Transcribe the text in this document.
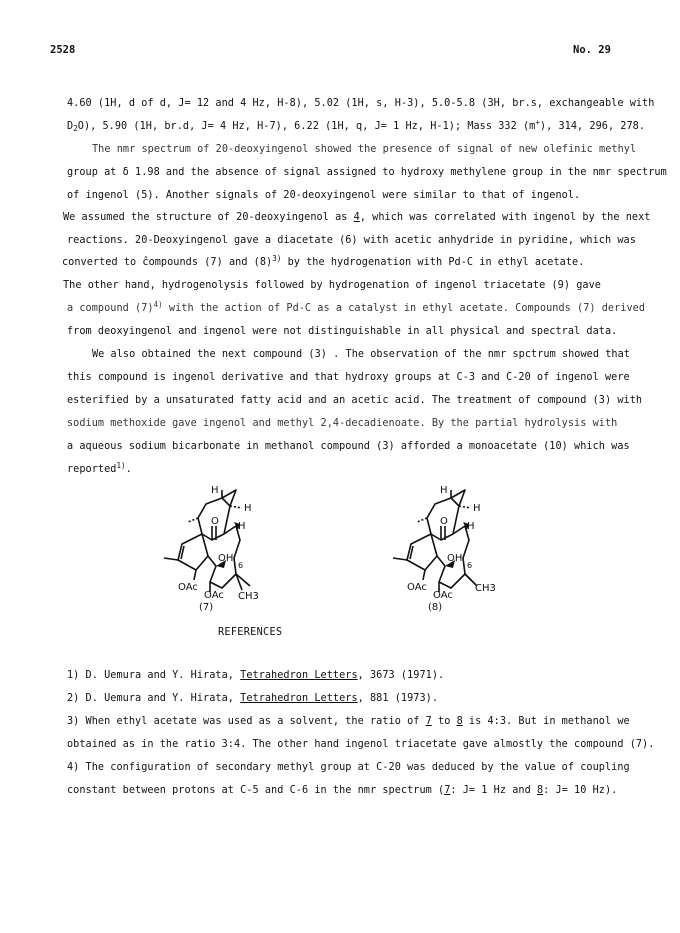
2528	No. 29
4.60 (1H, d of d, J= 12 and 4 Hz, H-8), 5.02 (1H, s, H-3), 5.0-5.8 (3H, br.s, exchangeable with
$D_2O$), 5.90 (1H, br.d, J= 4 Hz, H-7), 6.22 (1H, q, J= 1 Hz, H-1); Mass 332 (m+), 314, 296, 278.
The nmr spectrum of 20-deoxyingenol showed the presence of signal of new olefinic methyl
group at δ 1.98 and the absence of signal assigned to hydroxy methylene group in the nmr spectrum
of ingenol (5). Another signals of 20-deoxyingenol were similar to that of ingenol.
We assumed the structure of 20-deoxyingenol as 4, which was correlated with ingenol by the next
reactions. 20-Deoxyingenol gave a diacetate (6) with acetic anhydride in pyridine, which was
converted to ĉompounds (7) and $(8)^{3)}$ by the hydrogenation with Pd-C in ethyl acetate.
The other hand, hydrogenolysis followed by hydrogenation of ingenol triacetate (9) gave
a compound $(7)^{4)}$ with the action of Pd-C as a catalyst in ethyl acetate. Compounds (7) derived
from deoxyingenol and ingenol were not distinguishable in all physical and spectral data.
We also obtained the next compound (3) . The observation of the nmr spctrum showed that
this compound is ingenol derivative and that hydroxy groups at C-3 and C-20 of ingenol were
esterified by a unsaturated fatty acid and an acetic acid. The treatment of compound (3) with
sodium methoxide gave ingenol and methyl 2,4-decadienoate. By the partial hydrolysis with
a aqueous sodium bicarbonate in methanol compound (3) afforded a monoacetate (10) which was
reported$^{1)}$.
H
H
H
O
OH
6
OAc
OAc CH3
(7)
H
H
H
O
OH
6
OAc
OAc
CH3
(8)
REFERENCES
1) D. Uemura and Y. Hirata, Tetrahedron Letters, 3673 (1971).
2) D. Uemura and Y. Hirata, Tetrahedron Letters, 881 (1973).
3) When ethyl acetate was used as a solvent, the ratio of 7 to 8 is 4:3. But in methanol we
obtained as in the ratio 3:4. The other hand ingenol triacetate gave almostly the compound (7).
4) The configuration of secondary methyl group at C-20 was deduced by the value of coupling
constant between protons at C-5 and C-6 in the nmr spectrum (7: J= 1 Hz and 8: J= 10 Hz).
